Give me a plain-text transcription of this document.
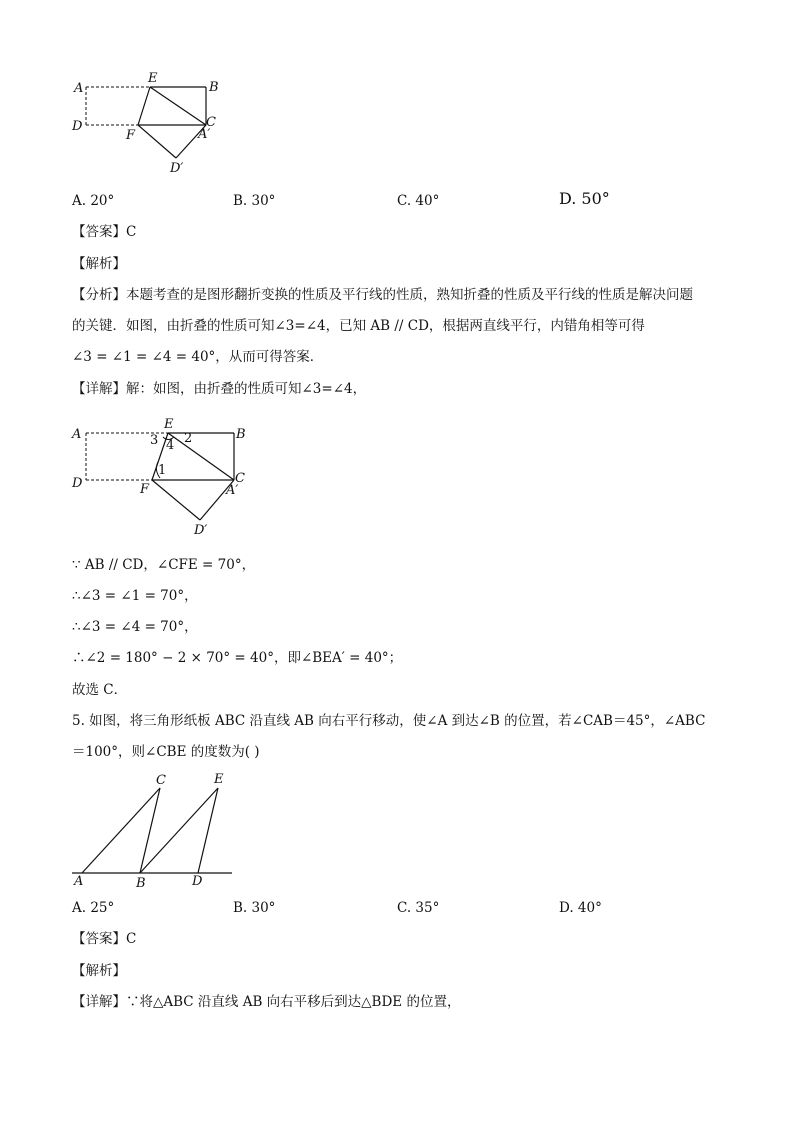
A
E
B
D	C
A′
F
D′
A. 20°	B. 30°	C. 40°	D. 50°
【答案】C
【解析】
【分析】本题考查的是图形翻折变换的性质及平行线的性质，熟知折叠的性质及平行线的性质是解决问题
的关键．如图，由折叠的性质可知∠3=∠4，已知 AB // CD，根据两直线平行，内错角相等可得
∠3 = ∠1 = ∠4 = 40°，从而可得答案．
【详解】解：如图，由折叠的性质可知∠3=∠4，
A
E
B
D	C
A′
F
D′
1
2
3 4
∵ AB // CD，∠CFE = 70°，
∴∠3 = ∠1 = 70°，
∴∠3 = ∠4 = 70°，
∴∠2 = 180° − 2 × 70° = 40°，即∠BEA′ = 40°；
故选 C．
5. 如图，将三角形纸板 ABC 沿直线 AB 向右平行移动，使∠A 到达∠B 的位置，若∠CAB＝45°，∠ABC
＝100°，则∠CBE 的度数为( )
C	E
A	B	D
A. 25°	B. 30°	C. 35°	D. 40°
【答案】C
【解析】
【详解】∵将△ABC 沿直线 AB 向右平移后到达△BDE 的位置，
